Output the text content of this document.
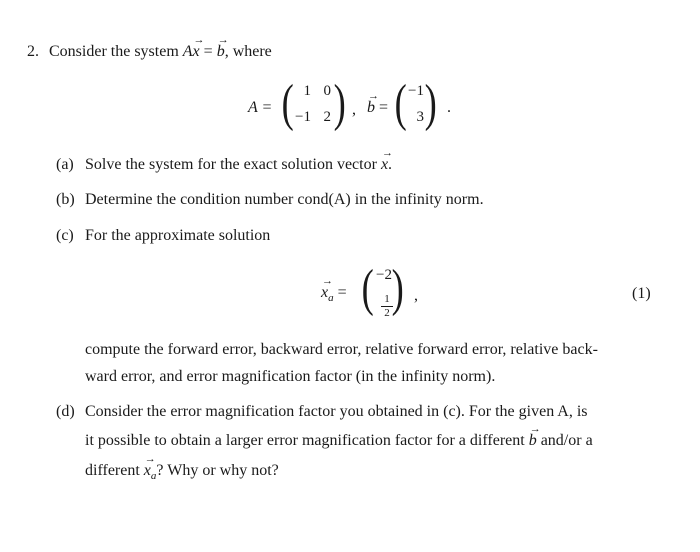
2. Consider the system A
→
x =
→
b, where
A = ( 1 0
−1 2 ) ,
→
b = ( −1
3 ) .
(a) Solve the system for the exact solution vector
→
x.
(b) Determine the condition number cond(A) in the infinity norm.
(c) For the approximate solution
→
$x_a$ = ( −2
1
2 ) ,	(1)
compute the forward error, backward error, relative forward error, relative back-
ward error, and error magnification factor (in the infinity norm).
(d) Consider the error magnification factor you obtained in (c). For the given A, is
it possible to obtain a larger error magnification factor for a different
→
b and/or a
different
→
$x_a$? Why or why not?
